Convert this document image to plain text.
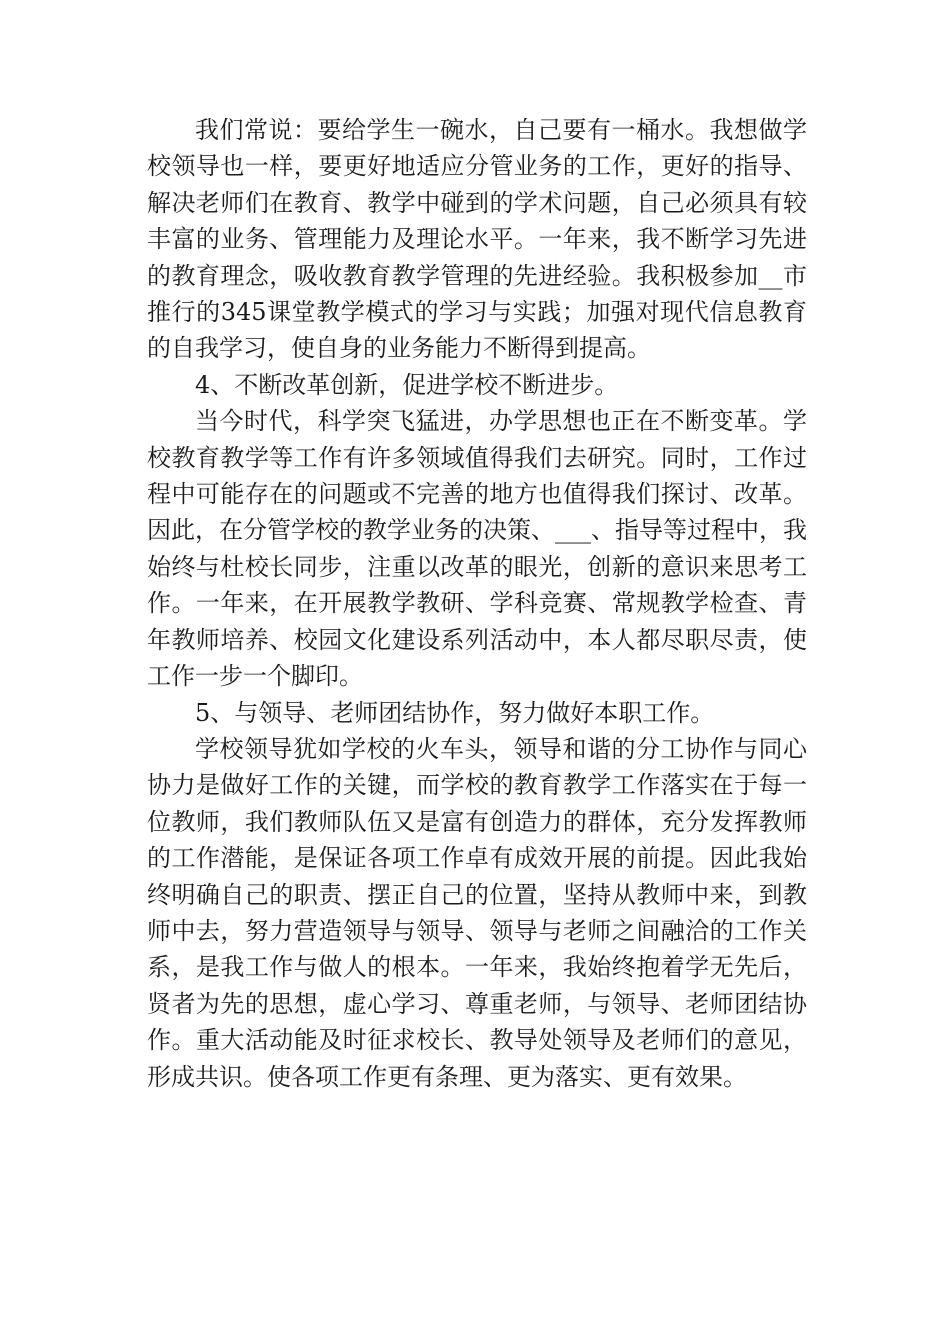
我们常说：要给学生一碗水，自己要有一桶水。我想做学校领导也一样，要更好地适应分管业务的工作，更好的指导、解决老师们在教育、教学中碰到的学术问题，自己必须具有较丰富的业务、管理能力及理论水平。一年来，我不断学习先进的教育理念，吸收教育教学管理的先进经验。我积极参加__市推行的345课堂教学模式的学习与实践；加强对现代信息教育的自我学习，使自身的业务能力不断得到提高。

4、不断改革创新，促进学校不断进步。

当今时代，科学突飞猛进，办学思想也正在不断变革。学校教育教学等工作有许多领域值得我们去研究。同时，工作过程中可能存在的问题或不完善的地方也值得我们探讨、改革。因此，在分管学校的教学业务的决策、___、指导等过程中，我始终与杜校长同步，注重以改革的眼光，创新的意识来思考工作。一年来，在开展教学教研、学科竞赛、常规教学检查、青年教师培养、校园文化建设系列活动中，本人都尽职尽责，使工作一步一个脚印。

5、与领导、老师团结协作，努力做好本职工作。

学校领导犹如学校的火车头，领导和谐的分工协作与同心协力是做好工作的关键，而学校的教育教学工作落实在于每一位教师，我们教师队伍又是富有创造力的群体，充分发挥教师的工作潜能，是保证各项工作卓有成效开展的前提。因此我始终明确自己的职责、摆正自己的位置，坚持从教师中来，到教师中去，努力营造领导与领导、领导与老师之间融洽的工作关系，是我工作与做人的根本。一年来，我始终抱着学无先后，贤者为先的思想，虚心学习、尊重老师，与领导、老师团结协作。重大活动能及时征求校长、教导处领导及老师们的意见，形成共识。使各项工作更有条理、更为落实、更有效果。
